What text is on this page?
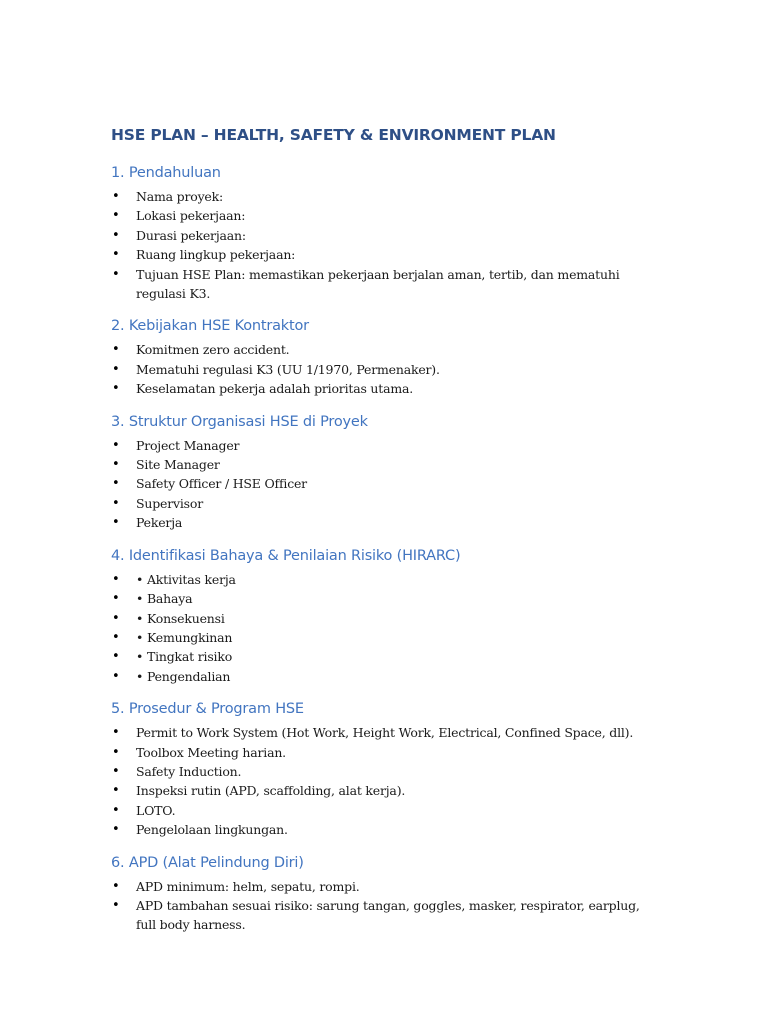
HSE PLAN – HEALTH, SAFETY & ENVIRONMENT PLAN
1. Pendahuluan
• Nama proyek:
• Lokasi pekerjaan:
• Durasi pekerjaan:
• Ruang lingkup pekerjaan:
• Tujuan HSE Plan: memastikan pekerjaan berjalan aman, tertib, dan mematuhi regulasi K3.
2. Kebijakan HSE Kontraktor
• Komitmen zero accident.
• Mematuhi regulasi K3 (UU 1/1970, Permenaker).
• Keselamatan pekerja adalah prioritas utama.
3. Struktur Organisasi HSE di Proyek
• Project Manager
• Site Manager
• Safety Officer / HSE Officer
• Supervisor
• Pekerja
4. Identifikasi Bahaya & Penilaian Risiko (HIRARC)
• • Aktivitas kerja
• • Bahaya
• • Konsekuensi
• • Kemungkinan
• • Tingkat risiko
• • Pengendalian
5. Prosedur & Program HSE
• Permit to Work System (Hot Work, Height Work, Electrical, Confined Space, dll).
• Toolbox Meeting harian.
• Safety Induction.
• Inspeksi rutin (APD, scaffolding, alat kerja).
• LOTO.
• Pengelolaan lingkungan.
6. APD (Alat Pelindung Diri)
• APD minimum: helm, sepatu, rompi.
• APD tambahan sesuai risiko: sarung tangan, goggles, masker, respirator, earplug, full body harness.
